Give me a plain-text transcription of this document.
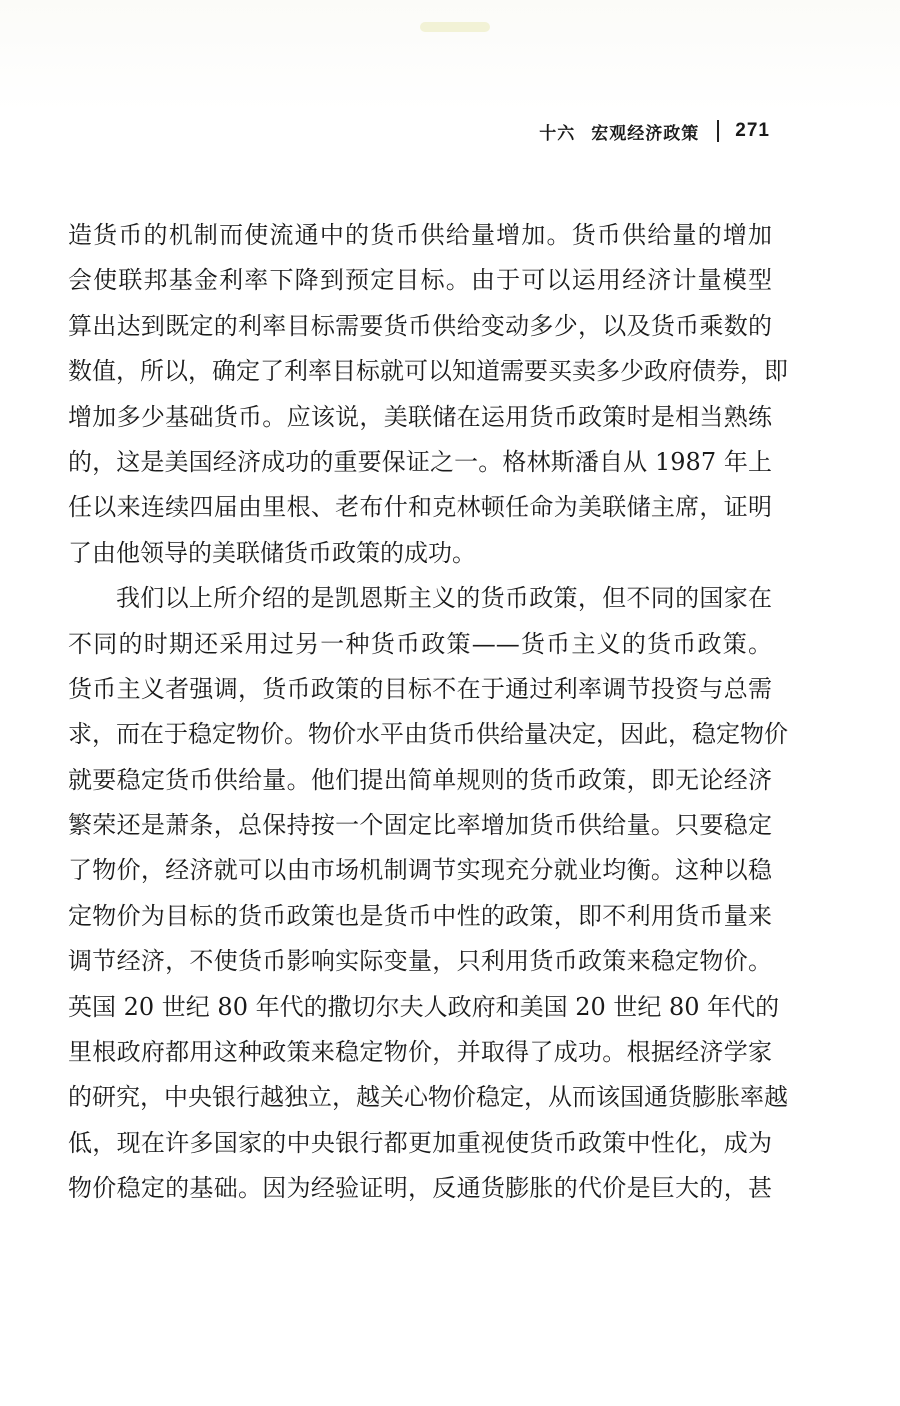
十六 宏观经济政策 271
造货币的机制而使流通中的货币供给量增加。货币供给量的增加
会使联邦基金利率下降到预定目标。由于可以运用经济计量模型
算出达到既定的利率目标需要货币供给变动多少，以及货币乘数的
数值，所以，确定了利率目标就可以知道需要买卖多少政府债券，即
增加多少基础货币。应该说，美联储在运用货币政策时是相当熟练
的，这是美国经济成功的重要保证之一。格林斯潘自从 1987 年上
任以来连续四届由里根、老布什和克林顿任命为美联储主席，证明
了由他领导的美联储货币政策的成功。
我们以上所介绍的是凯恩斯主义的货币政策，但不同的国家在
不同的时期还采用过另一种货币政策——货币主义的货币政策。
货币主义者强调，货币政策的目标不在于通过利率调节投资与总需
求，而在于稳定物价。物价水平由货币供给量决定，因此，稳定物价
就要稳定货币供给量。他们提出简单规则的货币政策，即无论经济
繁荣还是萧条，总保持按一个固定比率增加货币供给量。只要稳定
了物价，经济就可以由市场机制调节实现充分就业均衡。这种以稳
定物价为目标的货币政策也是货币中性的政策，即不利用货币量来
调节经济，不使货币影响实际变量，只利用货币政策来稳定物价。
英国 20 世纪 80 年代的撒切尔夫人政府和美国 20 世纪 80 年代的
里根政府都用这种政策来稳定物价，并取得了成功。根据经济学家
的研究，中央银行越独立，越关心物价稳定，从而该国通货膨胀率越
低，现在许多国家的中央银行都更加重视使货币政策中性化，成为
物价稳定的基础。因为经验证明，反通货膨胀的代价是巨大的，甚
